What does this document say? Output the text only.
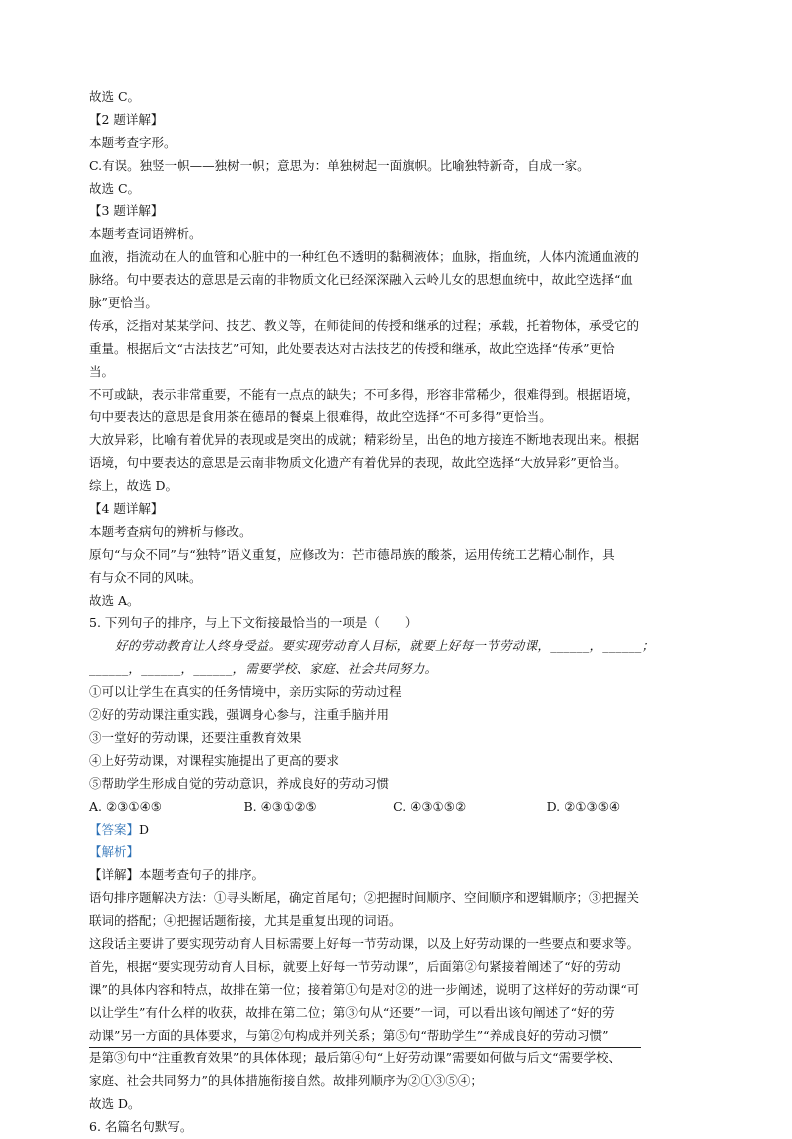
故选 C。
【2 题详解】
本题考查字形。
C.有误。独竖一帜——独树一帜；意思为：单独树起一面旗帜。比喻独特新奇，自成一家。
故选 C。
【3 题详解】
本题考查词语辨析。
血液，指流动在人的血管和心脏中的一种红色不透明的黏稠液体；血脉，指血统，人体内流通血液的
脉络。句中要表达的意思是云南的非物质文化已经深深融入云岭儿女的思想血统中，故此空选择“血
脉”更恰当。
传承，泛指对某某学问、技艺、教义等，在师徒间的传授和继承的过程；承载，托着物体，承受它的
重量。根据后文“古法技艺”可知，此处要表达对古法技艺的传授和继承，故此空选择“传承”更恰
当。
不可或缺，表示非常重要，不能有一点点的缺失；不可多得，形容非常稀少，很难得到。根据语境，
句中要表达的意思是食用茶在德昂的餐桌上很难得，故此空选择“不可多得”更恰当。
大放异彩，比喻有着优异的表现或是突出的成就；精彩纷呈，出色的地方接连不断地表现出来。根据
语境，句中要表达的意思是云南非物质文化遗产有着优异的表现，故此空选择“大放异彩”更恰当。
综上，故选 D。
【4 题详解】
本题考查病句的辨析与修改。
原句“与众不同”与“独特”语义重复，应修改为：芒市德昂族的酸茶，运用传统工艺精心制作，具
有与众不同的风味。
故选 A。
5. 下列句子的排序，与上下文衔接最恰当的一项是（　　）
好的劳动教育让人终身受益。要实现劳动育人目标，就要上好每一节劳动课，______，______；
______，______，______，需要学校、家庭、社会共同努力。
①可以让学生在真实的任务情境中，亲历实际的劳动过程
②好的劳动课注重实践，强调身心参与，注重手脑并用
③一堂好的劳动课，还要注重教育效果
④上好劳动课，对课程实施提出了更高的要求
⑤帮助学生形成自觉的劳动意识，养成良好的劳动习惯
A. ②③①④⑤	B. ④③①②⑤	C. ④③①⑤②	D. ②①③⑤④
【答案】D
【解析】
【详解】本题考查句子的排序。
语句排序题解决方法：①寻头断尾，确定首尾句；②把握时间顺序、空间顺序和逻辑顺序；③把握关
联词的搭配；④把握话题衔接，尤其是重复出现的词语。
这段话主要讲了要实现劳动育人目标需要上好每一节劳动课，以及上好劳动课的一些要点和要求等。
首先，根据“要实现劳动育人目标，就要上好每一节劳动课”，后面第②句紧接着阐述了“好的劳动
课”的具体内容和特点，故排在第一位；接着第①句是对②的进一步阐述，说明了这样好的劳动课“可
以让学生”有什么样的收获，故排在第二位；第③句从“还要”一词，可以看出该句阐述了“好的劳
动课”另一方面的具体要求，与第②句构成并列关系；第⑤句“帮助学生”“养成良好的劳动习惯”
是第③句中“注重教育效果”的具体体现；最后第④句“上好劳动课”需要如何做与后文“需要学校、
家庭、社会共同努力”的具体措施衔接自然。故排列顺序为②①③⑤④；
故选 D。
6. 名篇名句默写。
